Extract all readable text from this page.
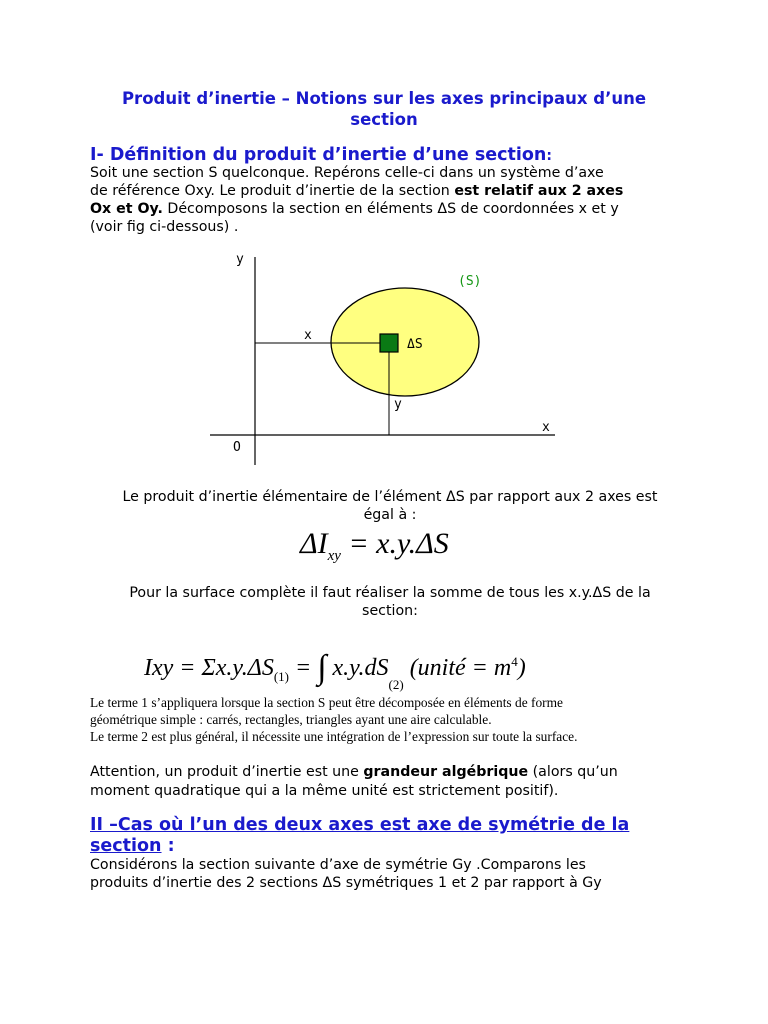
Produit d’inertie – Notions sur les axes principaux d’une
section
I- Définition du produit d’inertie d’une section:
Soit une section S quelconque. Repérons celle-ci dans un système d’axe
de référence Oxy. Le produit d’inertie de la section est relatif aux 2 axes
Ox et Oy. Décomposons la section en éléments ΔS de coordonnées x et y
(voir fig ci-dessous) .
y
x
O
(S)
x
y
ΔS
Le produit d’inertie élémentaire de l’élément ΔS par rapport aux 2 axes est
égal à :
$\Delta I_{xy} = x.y.\Delta S$
Pour la surface complète il faut réaliser la somme de tous les x.y.ΔS de la
section:
Ixy = $\Sigma x.y.\Delta S_{(1)}$ = ∫ $x.y.dS_{(2)}$ (unité = $m^4$)
Le terme 1 s’appliquera lorsque la section S peut être décomposée en éléments de forme
géométrique simple : carrés, rectangles, triangles ayant une aire calculable.
Le terme 2 est plus général, il nécessite une intégration de l’expression sur toute la surface.
Attention, un produit d’inertie est une grandeur algébrique (alors qu’un
moment quadratique qui a la même unité est strictement positif).
II –Cas où l’un des deux axes est axe de symétrie de la
section :
Considérons la section suivante d’axe de symétrie Gy .Comparons les
produits d’inertie des 2 sections ΔS symétriques 1 et 2 par rapport à Gy
